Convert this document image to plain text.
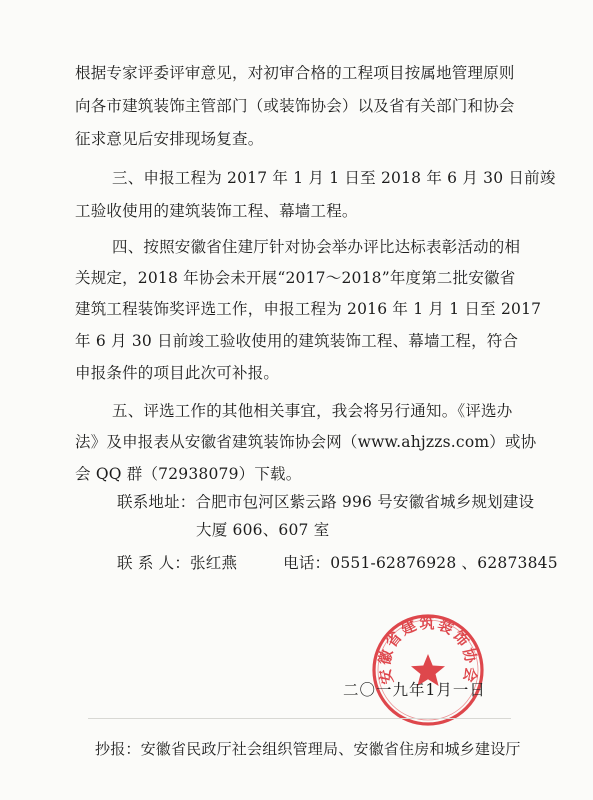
根据专家评委评审意见，对初审合格的工程项目按属地管理原则
向各市建筑装饰主管部门（或装饰协会）以及省有关部门和协会
征求意见后安排现场复查。
三、申报工程为 2017 年 1 月 1 日至 2018 年 6 月 30 日前竣
工验收使用的建筑装饰工程、幕墙工程。
四、按照安徽省住建厅针对协会举办评比达标表彰活动的相
关规定，2018 年协会未开展“2017～2018”年度第二批安徽省
建筑工程装饰奖评选工作，申报工程为 2016 年 1 月 1 日至 2017
年 6 月 30 日前竣工验收使用的建筑装饰工程、幕墙工程，符合
申报条件的项目此次可补报。
五、评选工作的其他相关事宜，我会将另行通知。《评选办
法》及申报表从安徽省建筑装饰协会网（www.ahjzzs.com）或协
会 QQ 群（72938079）下载。
联系地址：合肥市包河区紫云路 996 号安徽省城乡规划建设
大厦 606、607 室
联 系 人：张红燕	电话：0551-62876928 、62873845
安徽省建筑装饰协会
二〇一九年1月一日
抄报：安徽省民政厅社会组织管理局、安徽省住房和城乡建设厅
